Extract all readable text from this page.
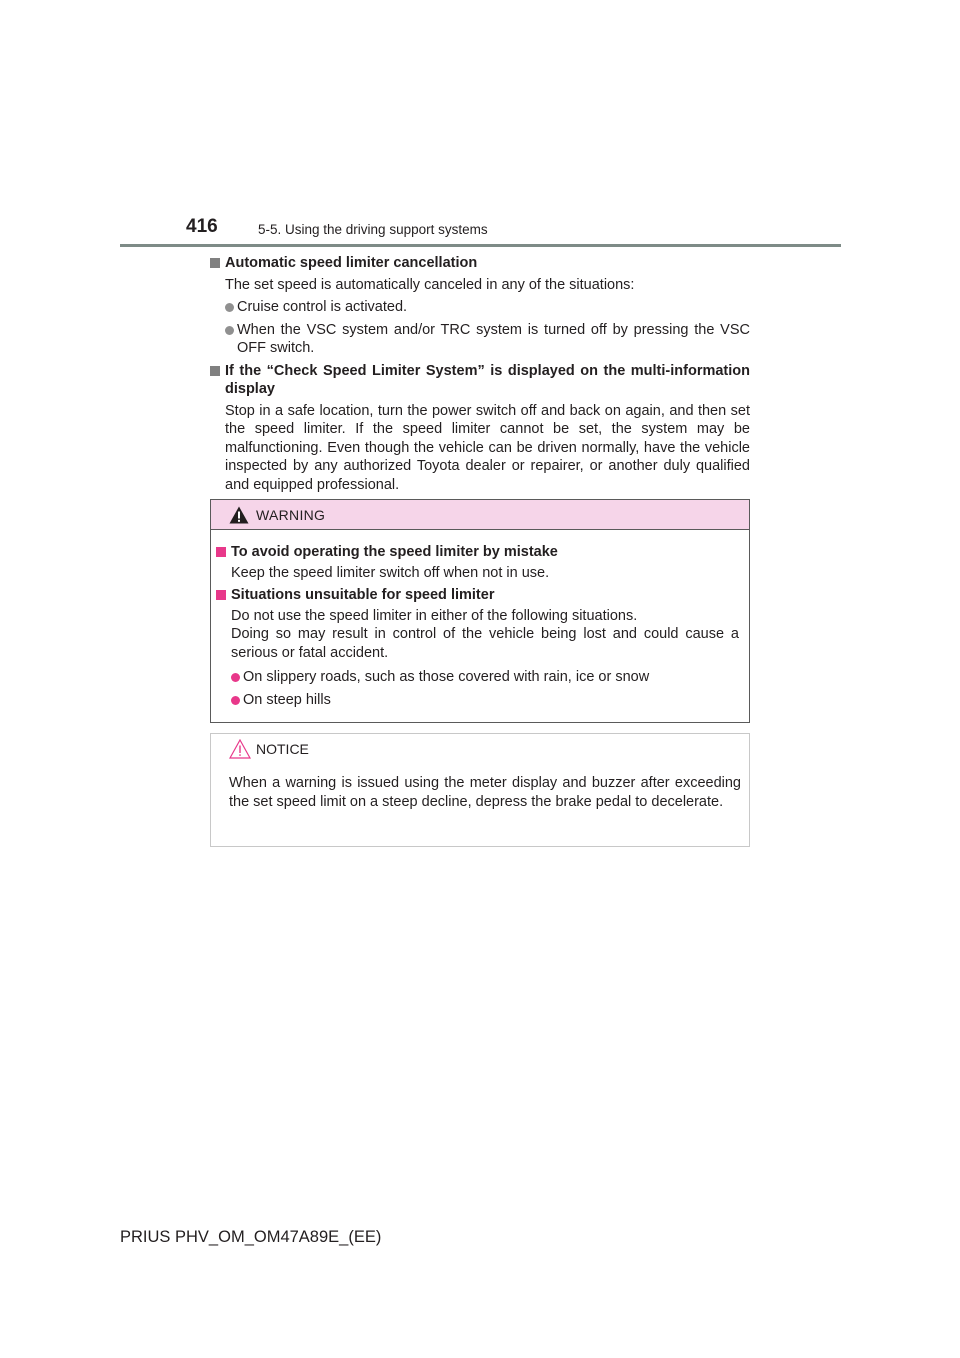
416	5-5. Using the driving support systems
Automatic speed limiter cancellation
The set speed is automatically canceled in any of the situations:
Cruise control is activated.
When the VSC system and/or TRC system is turned off by pressing the VSC OFF switch.
If the “Check Speed Limiter System” is displayed on the multi-information display
Stop in a safe location, turn the power switch off and back on again, and then set the speed limiter. If the speed limiter cannot be set, the system may be malfunctioning. Even though the vehicle can be driven normally, have the vehicle inspected by any authorized Toyota dealer or repairer, or another duly qualified and equipped professional.
WARNING
To avoid operating the speed limiter by mistake
Keep the speed limiter switch off when not in use.
Situations unsuitable for speed limiter
Do not use the speed limiter in either of the following situations.
Doing so may result in control of the vehicle being lost and could cause a serious or fatal accident.
On slippery roads, such as those covered with rain, ice or snow
On steep hills
NOTICE
When a warning is issued using the meter display and buzzer after exceeding the set speed limit on a steep decline, depress the brake pedal to decelerate.
PRIUS PHV_OM_OM47A89E_(EE)
